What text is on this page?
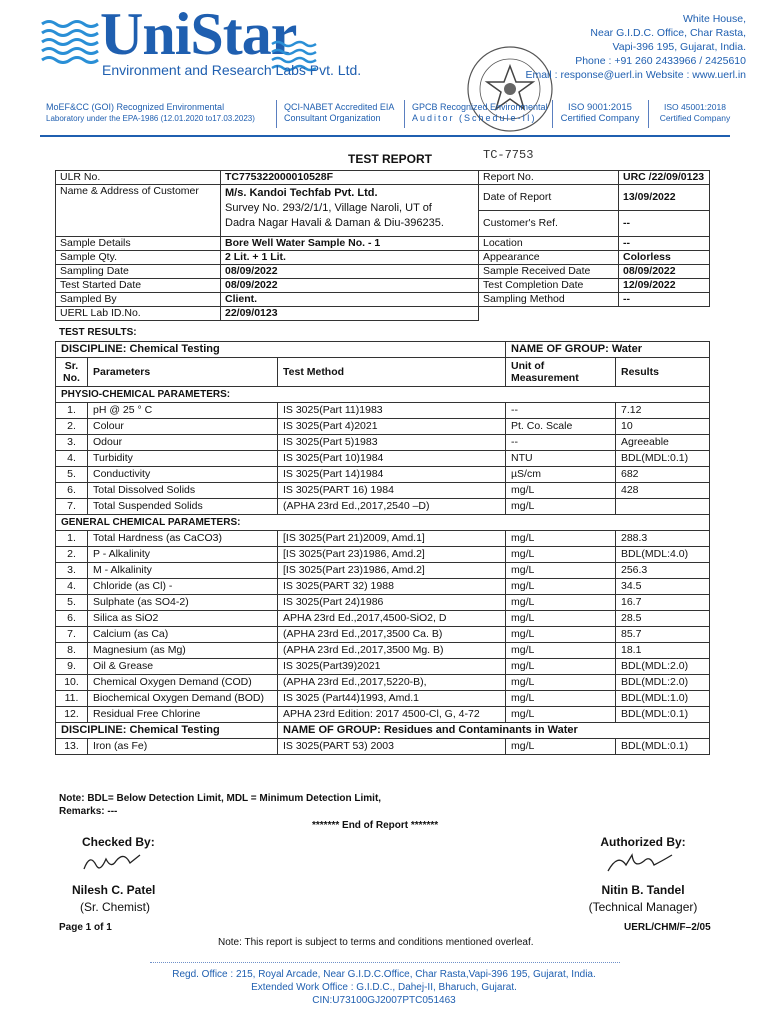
UniStar
Environment and Research Labs Pvt. Ltd.
White House,
Near G.I.D.C. Office, Char Rasta,
Vapi-396 195, Gujarat, India.
Phone : +91 260 2433966 / 2425610
Email : response@uerl.in Website : www.uerl.in
MoEF&CC (GOI) Recognized Environmental
Laboratory under the EPA-1986 (12.01.2020 to17.03.2023)
QCI-NABET Accredited EIA
Consultant Organization
GPCB Recognized Environmental
Auditor (Schedule-II)
ISO 9001:2015
Certified Company
ISO 45001:2018
Certified Company
TEST REPORT	TC-7753
ULR No.	TC775322000010528F	Report No.	URC /22/09/0123
Name & Address of Customer	M/s. Kandoi Techfab Pvt. Ltd.
Survey No. 293/2/1/1, Village Naroli, UT of
Dadra Nagar Havali & Daman & Diu-396235.	Date of Report	13/09/2022
		Customer's Ref.	--
Sample Details	Bore Well Water Sample No. - 1	Location	--
Sample Qty.	2 Lit. + 1 Lit.	Appearance	Colorless
Sampling Date	08/09/2022	Sample Received Date	08/09/2022
Test Started Date	08/09/2022	Test Completion Date	12/09/2022
Sampled By	Client.	Sampling Method	--
UERL Lab ID.No.	22/09/0123		
TEST RESULTS:
DISCIPLINE: Chemical Testing			NAME OF GROUP: Water	
Sr. No.	Parameters	Test Method	Unit of Measurement	Results
PHYSIO-CHEMICAL PARAMETERS:				
1.	pH @ 25 ° C	IS 3025(Part 11)1983	--	7.12
2.	Colour	IS 3025(Part 4)2021	Pt. Co. Scale	10
3.	Odour	IS 3025(Part 5)1983	--	Agreeable
4.	Turbidity	IS 3025(Part 10)1984	NTU	BDL(MDL:0.1)
5.	Conductivity	IS 3025(Part 14)1984	µS/cm	682
6.	Total Dissolved Solids	IS 3025(PART 16) 1984	mg/L	428
7.	Total Suspended Solids	(APHA 23rd Ed.,2017,2540 –D)	mg/L	
GENERAL CHEMICAL PARAMETERS:				
1.	Total Hardness (as CaCO3)	[IS 3025(Part 21)2009, Amd.1]	mg/L	288.3
2.	P - Alkalinity	[IS 3025(Part 23)1986, Amd.2]	mg/L	BDL(MDL:4.0)
3.	M - Alkalinity	[IS 3025(Part 23)1986, Amd.2]	mg/L	256.3
4.	Chloride (as Cl) -	IS 3025(PART 32) 1988	mg/L	34.5
5.	Sulphate (as SO4-2)	IS 3025(Part 24)1986	mg/L	16.7
6.	Silica as SiO2	APHA 23rd Ed.,2017,4500-SiO2, D	mg/L	28.5
7.	Calcium (as Ca)	(APHA 23rd Ed.,2017,3500 Ca. B)	mg/L	85.7
8.	Magnesium (as Mg)	(APHA 23rd Ed.,2017,3500 Mg. B)	mg/L	18.1
9.	Oil & Grease	IS 3025(Part39)2021	mg/L	BDL(MDL:2.0)
10.	Chemical Oxygen Demand (COD)	(APHA 23rd Ed.,2017,5220-B),	mg/L	BDL(MDL:2.0)
11.	Biochemical Oxygen Demand (BOD)	IS 3025 (Part44)1993, Amd.1	mg/L	BDL(MDL:1.0)
12.	Residual Free Chlorine	APHA 23rd Edition: 2017 4500-Cl, G, 4-72	mg/L	BDL(MDL:0.1)
DISCIPLINE: Chemical Testing		NAME OF GROUP: Residues and Contaminants in Water		
13.	Iron (as Fe)	IS 3025(PART 53) 2003	mg/L	BDL(MDL:0.1)
Note: BDL= Below Detection Limit, MDL = Minimum Detection Limit,
Remarks: ---
******* End of Report *******
Checked By:
Nilesh C. Patel
(Sr. Chemist)
Authorized By:
Nitin B. Tandel
(Technical Manager)
Page 1 of 1	UERL/CHM/F–2/05
Note: This report is subject to terms and conditions mentioned overleaf.
Regd. Office : 215, Royal Arcade, Near G.I.D.C.Office, Char Rasta,Vapi-396 195, Gujarat, India.
Extended Work Office : G.I.D.C., Dahej-II, Bharuch, Gujarat.
CIN:U73100GJ2007PTC051463
